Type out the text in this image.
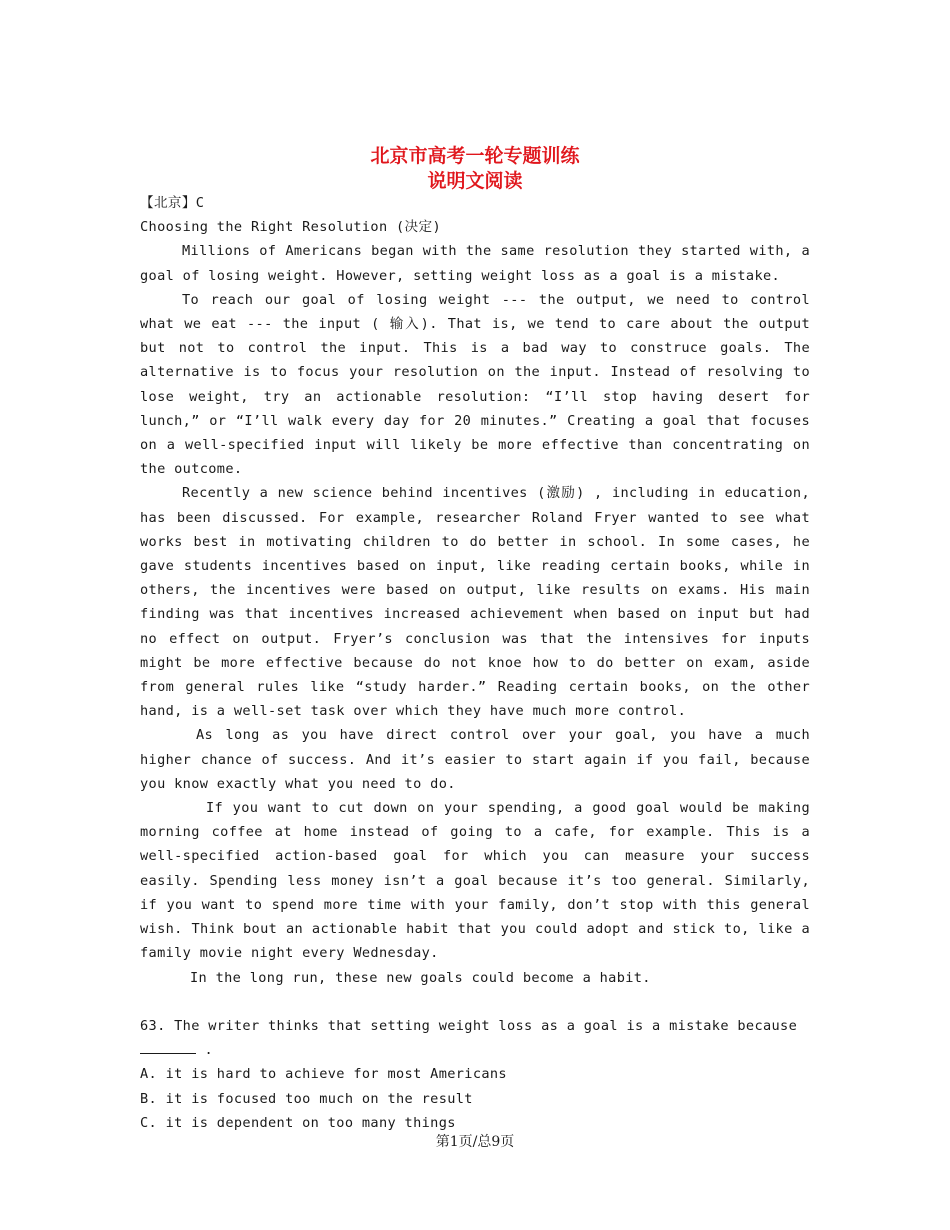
北京市高考一轮专题训练
说明文阅读

【北京】C

Choosing the Right Resolution (决定)

Millions of Americans began with the same resolution they started with, a goal of losing weight. However, setting weight loss as a goal is a mistake.

To reach our goal of losing weight --- the output, we need to control what we eat --- the input ( 输入). That is, we tend to care about the output but not to control the input. This is a bad way to construce goals. The alternative is to focus your resolution on the input. Instead of resolving to lose weight, try an actionable resolution: “I’ll stop having desert for lunch,” or “I’ll walk every day for 20 minutes.” Creating a goal that focuses on a well-specified input will likely be more effective than concentrating on the outcome.

Recently a new science behind incentives (激励) , including in education, has been discussed. For example, researcher Roland Fryer wanted to see what works best in motivating children to do better in school. In some cases, he gave students incentives based on input, like reading certain books, while in others, the incentives were based on output, like results on exams. His main finding was that incentives increased achievement when based on input but had no effect on output. Fryer’s conclusion was that the intensives for inputs might be more effective because do not knoe how to do better on exam, aside from general rules like “study harder.” Reading certain books, on the other hand, is a well-set task over which they have much more control.

As long as you have direct control over your goal, you have a much higher chance of success. And it’s easier to start again if you fail, because you know exactly what you need to do.

If you want to cut down on your spending, a good goal would be making morning coffee at home instead of going to a cafe, for example. This is a well-specified action-based goal for which you can measure your success easily. Spending less money isn’t a goal because it’s too general. Similarly, if you want to spend more time with your family, don’t stop with this general wish. Think bout an actionable habit that you could adopt and stick to, like a family movie night every Wednesday.

In the long run, these new goals could become a habit.

63. The writer thinks that setting weight loss as a goal is a mistake because

.

A. it is hard to achieve for most Americans

B. it is focused too much on the result

C. it is dependent on too many things

第1页/总9页
